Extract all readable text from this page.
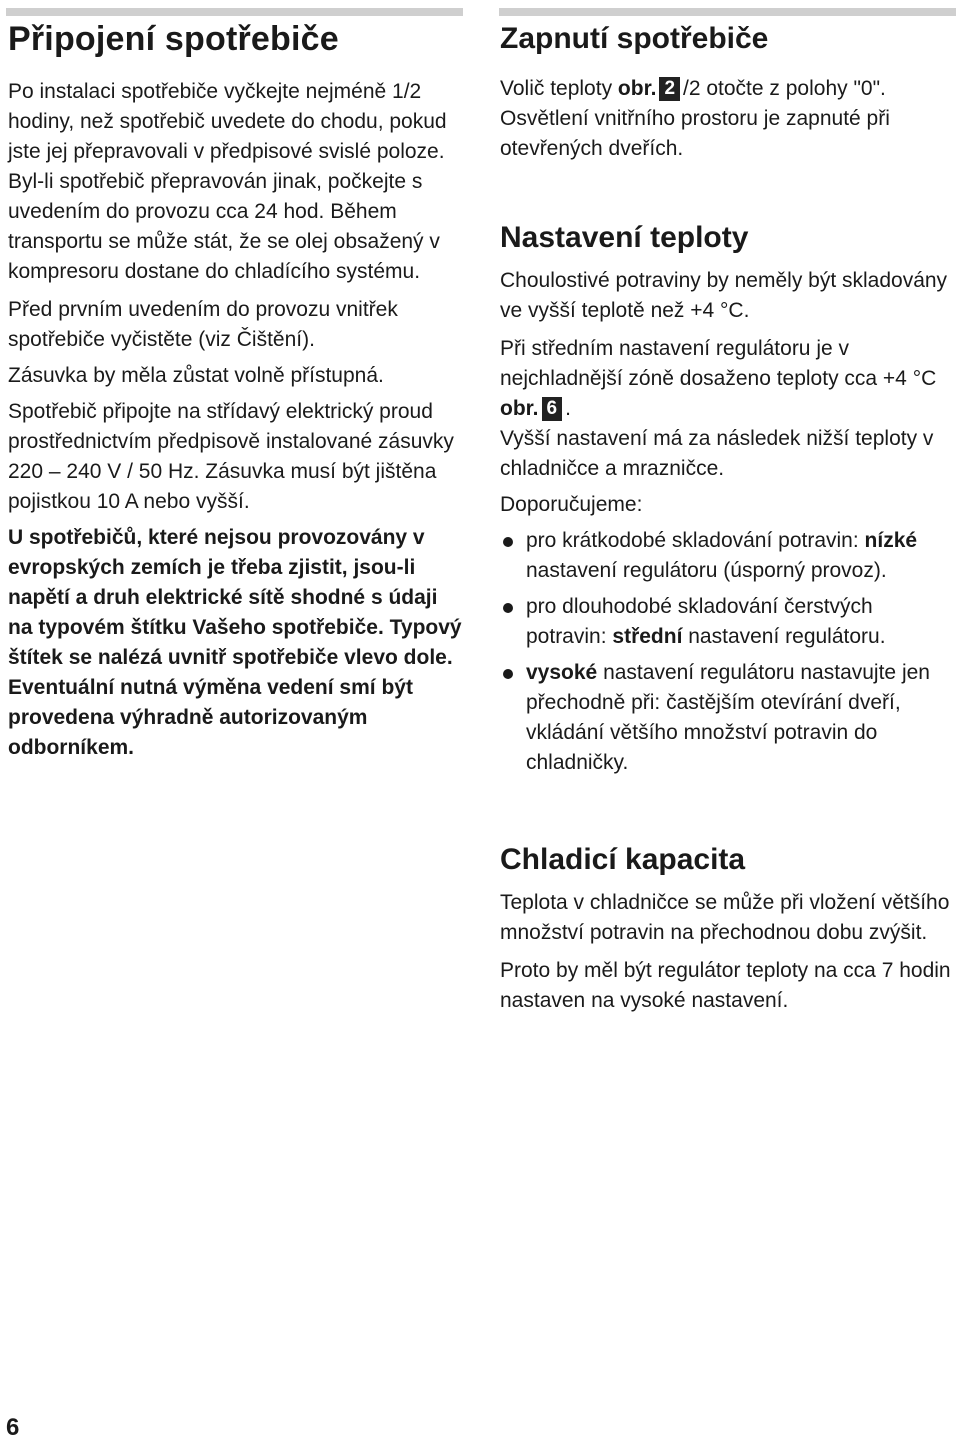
Připojení spotřebiče

Po instalaci spotřebiče vyčkejte nejméně 1/2 hodiny, než spotřebič uvedete do chodu, pokud jste jej přepravovali v předpisové svislé poloze. Byl-li spotřebič přepravován jinak, počkejte s uvedením do provozu cca 24 hod. Během transportu se může stát, že se olej obsažený v kompresoru dostane do chladícího systému.

Před prvním uvedením do provozu vnitřek spotřebiče vyčistěte (viz Čištění).

Zásuvka by měla zůstat volně přístupná.

Spotřebič připojte na střídavý elektrický proud prostřednictvím předpisově instalované zásuvky 220 – 240 V / 50 Hz. Zásuvka musí být jištěna pojistkou 10 A nebo vyšší.

U spotřebičů, které nejsou provozovány v evropských zemích je třeba zjistit, jsou-li napětí a druh elektrické sítě shodné s údaji na typovém štítku Vašeho spotřebiče. Typový štítek se nalézá uvnitř spotřebiče vlevo dole. Eventuální nutná výměna vedení smí být provedena výhradně autorizovaným odborníkem.

Zapnutí spotřebiče

Volič teploty obr. 2 /2 otočte z polohy "0".

Osvětlení vnitřního prostoru je zapnuté při otevřených dveřích.

Nastavení teploty

Choulostivé potraviny by neměly být skladovány ve vyšší teplotě než +4 °C.

Při středním nastavení regulátoru je v nejchladnější zóně dosaženo teploty cca +4 °C obr. 6 .

Vyšší nastavení má za následek nižší teploty v chladničce a mrazničce.

Doporučujeme:

pro krátkodobé skladování potravin: nízké nastavení regulátoru (úsporný provoz).
pro dlouhodobé skladování čerstvých potravin: střední nastavení regulátoru.
vysoké nastavení regulátoru nastavujte jen přechodně při: častějším otevírání dveří, vkládání většího množství potravin do chladničky.
Chladicí kapacita

Teplota v chladničce se může při vložení většího množství potravin na přechodnou dobu zvýšit.

Proto by měl být regulátor teploty na cca 7 hodin nastaven na vysoké nastavení.

6
